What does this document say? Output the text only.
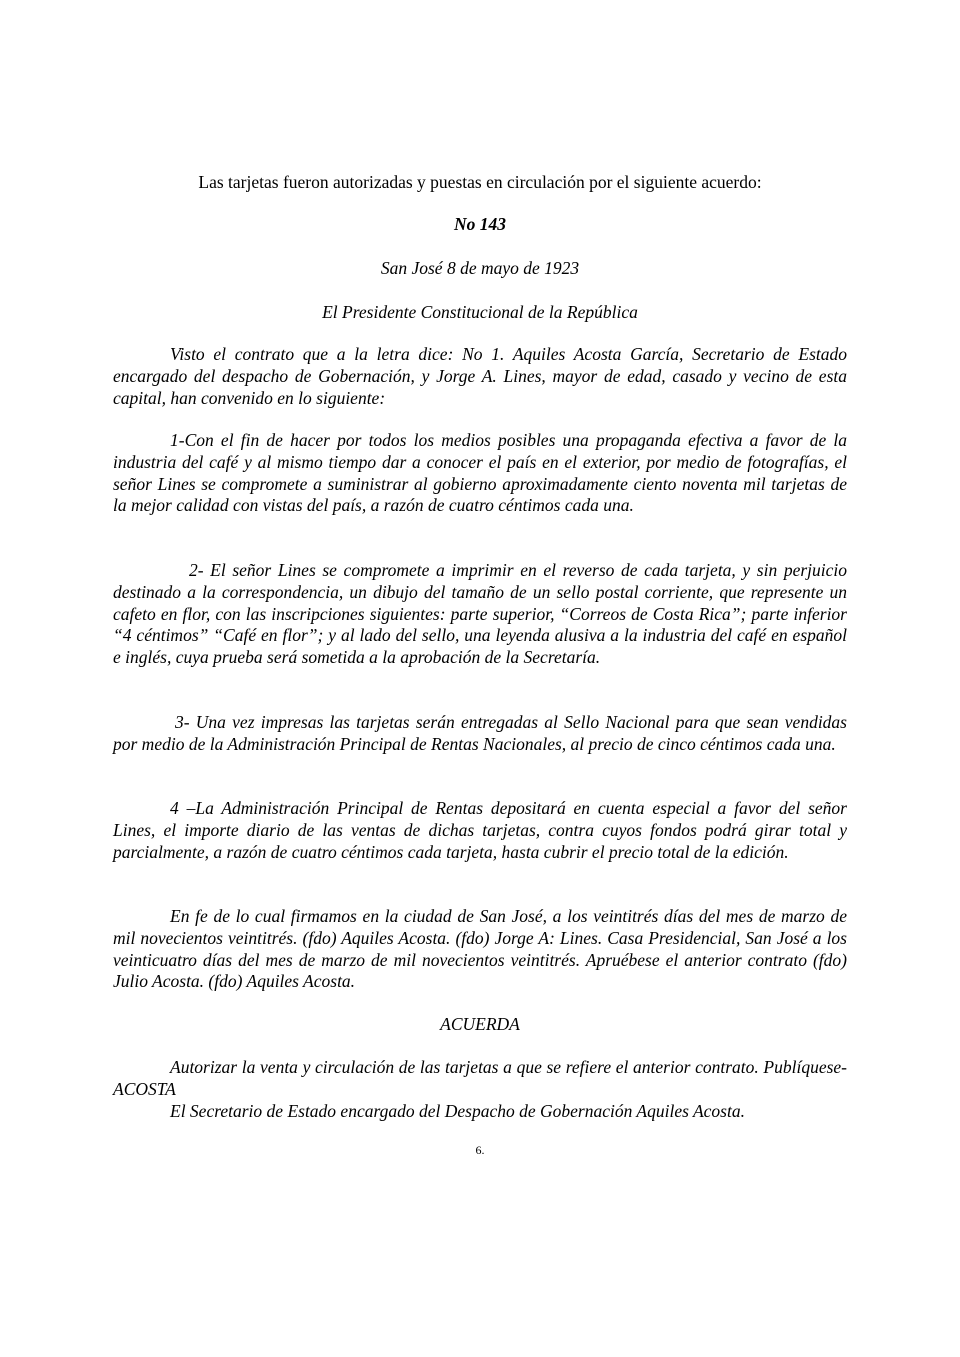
Las tarjetas fueron autorizadas y puestas en circulación por el siguiente acuerdo:
No 143
San José 8 de mayo de 1923
El Presidente Constitucional de la República

Visto el contrato que a la letra dice: No 1. Aquiles Acosta García, Secretario de Estado encargado del despacho de Gobernación, y Jorge A. Lines, mayor de edad, casado y vecino de esta capital, han convenido en lo siguiente:

1-Con el fin de hacer por todos los medios posibles una propaganda efectiva a favor de la industria del café y al mismo tiempo dar a conocer el país en el exterior, por medio de fotografías, el señor Lines se compromete a suministrar al gobierno aproximadamente ciento noventa mil tarjetas de la mejor calidad con vistas del país, a razón de cuatro céntimos cada una.

2- El señor Lines se compromete a imprimir en el reverso de cada tarjeta, y sin perjuicio destinado a la correspondencia, un dibujo del tamaño de un sello postal corriente, que represente un cafeto en flor, con las inscripciones siguientes: parte superior, “Correos de Costa Rica”; parte inferior “4 céntimos” “Café en flor”; y al lado del sello, una leyenda alusiva a la industria del café en español e inglés, cuya prueba será sometida a la aprobación de la Secretaría.

3- Una vez impresas las tarjetas serán entregadas al Sello Nacional para que sean vendidas por medio de la Administración Principal de Rentas Nacionales, al precio de cinco céntimos cada una.

4 –La Administración Principal de Rentas depositará en cuenta especial a favor del señor Lines, el importe diario de las ventas de dichas tarjetas, contra cuyos fondos podrá girar total y parcialmente, a razón de cuatro céntimos cada tarjeta, hasta cubrir el precio total de la edición.

En fe de lo cual firmamos en la ciudad de San José, a los veintitrés días del mes de marzo de mil novecientos veintitrés. (fdo) Aquiles Acosta. (fdo) Jorge A: Lines. Casa Presidencial, San José a los veinticuatro días del mes de marzo de mil novecientos veintitrés. Apruébese el anterior contrato (fdo) Julio Acosta. (fdo) Aquiles Acosta.

ACUERDA

Autorizar la venta y circulación de las tarjetas a que se refiere el anterior contrato. Publíquese- ACOSTA

El Secretario de Estado encargado del Despacho de Gobernación Aquiles Acosta.

6.
